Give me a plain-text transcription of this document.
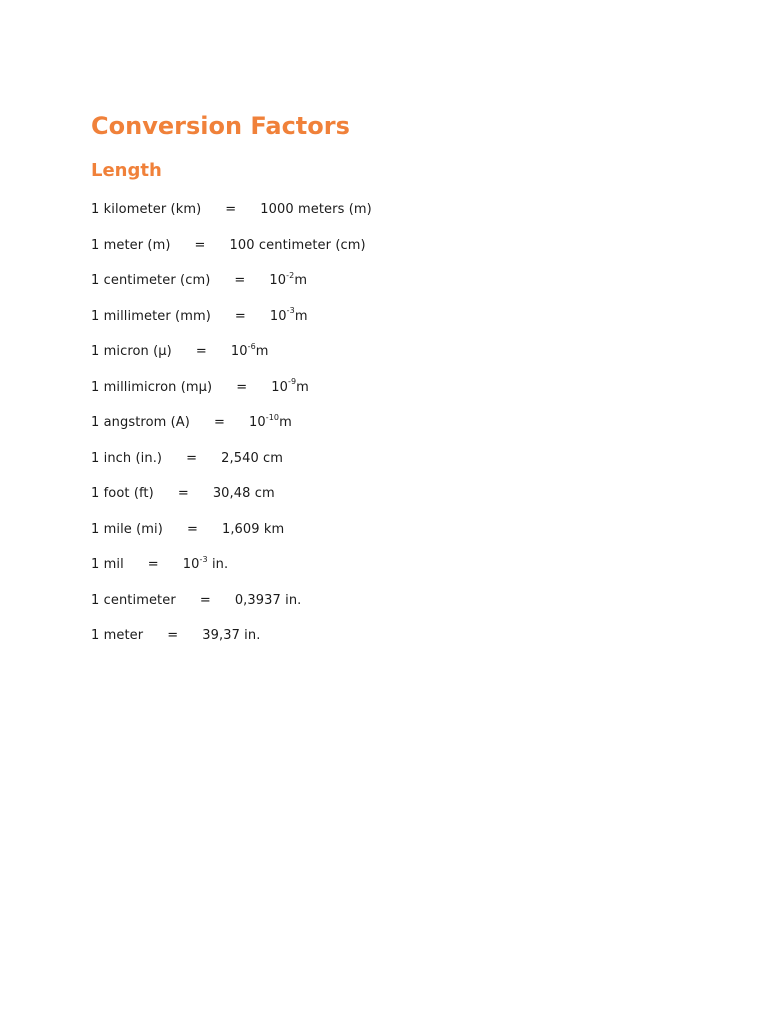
Conversion Factors
Length
1 kilometer (km) = 1000 meters (m)
1 meter (m) = 100 centimeter (cm)
1 centimeter $(cm) = 10^{-2}m$
1 millimeter $(mm) = 10^{-3}m$
1 micron $(\mu) = 10^{-6}m$
1 millimicron $(m\mu) = 10^{-9}m$
1 angstrom $(A) = 10^{-10}m$
1 inch (in.) = 2,540 cm
1 foot (ft) = 30,48 cm
1 mile (mi) = 1,609 km
1 mil = $10^{-3}$ in.
1 centimeter = 0,3937 in.
1 meter = 39,37 in.
